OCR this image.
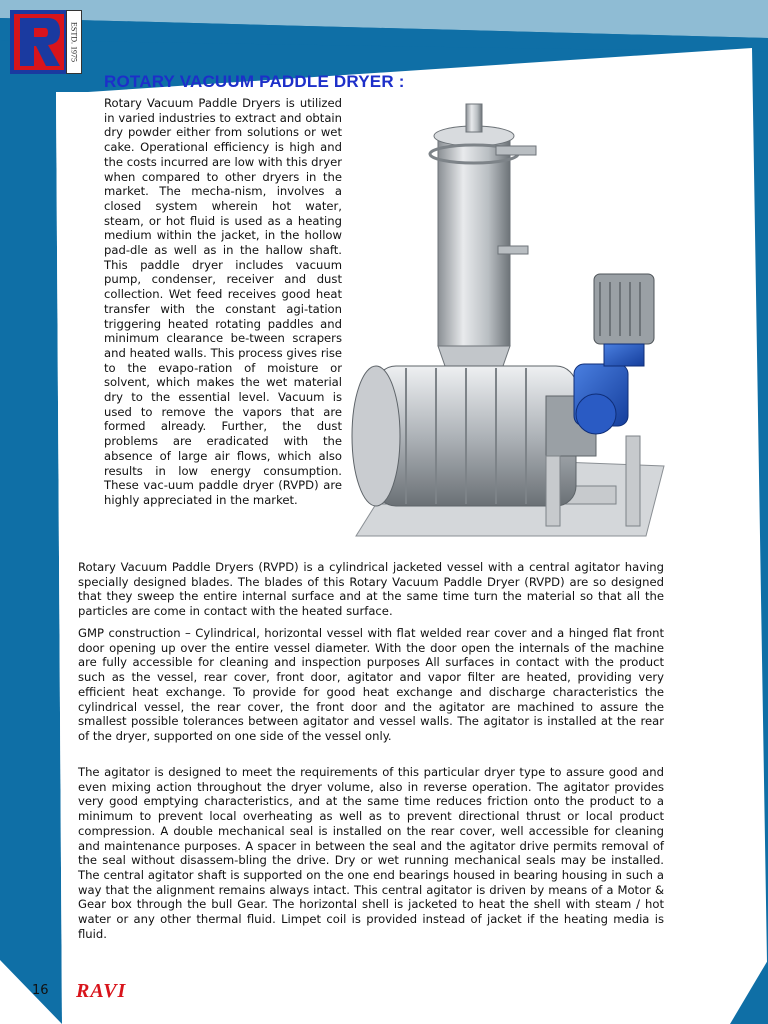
ESTD. 1975
ROTARY VACUUM PADDLE DRYER :

Rotary Vacuum Paddle Dryers is utilized in varied industries to extract and obtain dry powder either from solutions or wet cake. Operational efficiency is high and the costs incurred are low with this dryer when compared to other dryers in the market. The mecha-nism, involves a closed system wherein hot water, steam, or hot fluid is used as a heating medium within the jacket, in the hollow pad-dle as well as in the hallow shaft. This paddle dryer includes vacuum pump, condenser, receiver and dust collection. Wet feed receives good heat transfer with the constant agi-tation triggering heated rotating paddles and minimum clearance be-tween scrapers and heated walls. This process gives rise to the evapo-ration of moisture or solvent, which makes the wet material dry to the essential level. Vacuum is used to remove the vapors that are formed already. Further, the dust problems are eradicated with the absence of large air flows, which also results in low energy consumption. These vac-uum paddle dryer (RVPD) are highly appreciated in the market.

Rotary Vacuum Paddle Dryers (RVPD) is a cylindrical jacketed vessel with a central agitator having specially designed blades. The blades of this Rotary Vacuum Paddle Dryer (RVPD) are so designed that they sweep the entire internal surface and at the same time turn the material so that all the particles are come in contact with the heated surface.

GMP construction – Cylindrical, horizontal vessel with flat welded rear cover and a hinged flat front door opening up over the entire vessel diameter. With the door open the internals of the machine are fully accessible for cleaning and inspection purposes All surfaces in contact with the product such as the vessel, rear cover, front door, agitator and vapor filter are heated, providing very efficient heat exchange. To provide for good heat exchange and discharge characteristics the cylindrical vessel, the rear cover, the front door and the agitator are machined to assure the smallest possible tolerances between agitator and vessel walls. The agitator is installed at the rear of the dryer, supported on one side of the vessel only.

The agitator is designed to meet the requirements of this particular dryer type to assure good and even mixing action throughout the dryer volume, also in reverse operation. The agitator provides very good emptying characteristics, and at the same time reduces friction onto the product to a minimum to prevent local overheating as well as to prevent directional thrust or local product compression. A double mechanical seal is installed on the rear cover, well accessible for cleaning and maintenance purposes. A spacer in between the seal and the agitator drive permits removal of the seal without disassem-bling the drive. Dry or wet running mechanical seals may be installed. The central agitator shaft is supported on the one end bearings housed in bearing housing in such a way that the alignment remains always intact. This central agitator is driven by means of a Motor & Gear box through the bull Gear. The horizontal shell is jacketed to heat the shell with steam / hot water or any other thermal fluid. Limpet coil is provided instead of jacket if the heating media is fluid.

16 RAVI
